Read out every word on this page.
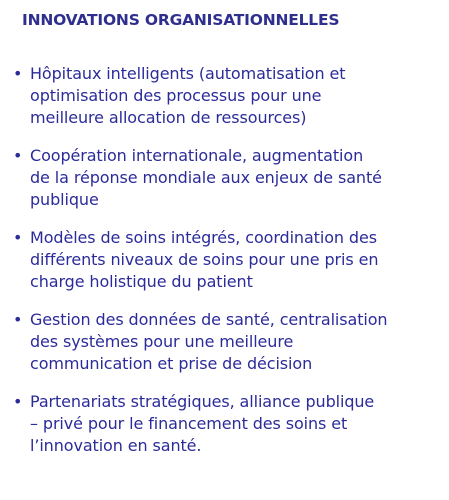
INNOVATIONS ORGANISATIONNELLES
• Hôpitaux intelligents (automatisation et
optimisation des processus pour une
meilleure allocation de ressources)
• Coopération internationale, augmentation
de la réponse mondiale aux enjeux de santé
publique
• Modèles de soins intégrés, coordination des
différents niveaux de soins pour une pris en
charge holistique du patient
• Gestion des données de santé, centralisation
des systèmes pour une meilleure
communication et prise de décision
• Partenariats stratégiques, alliance publique
– privé pour le financement des soins et
l’innovation en santé.
